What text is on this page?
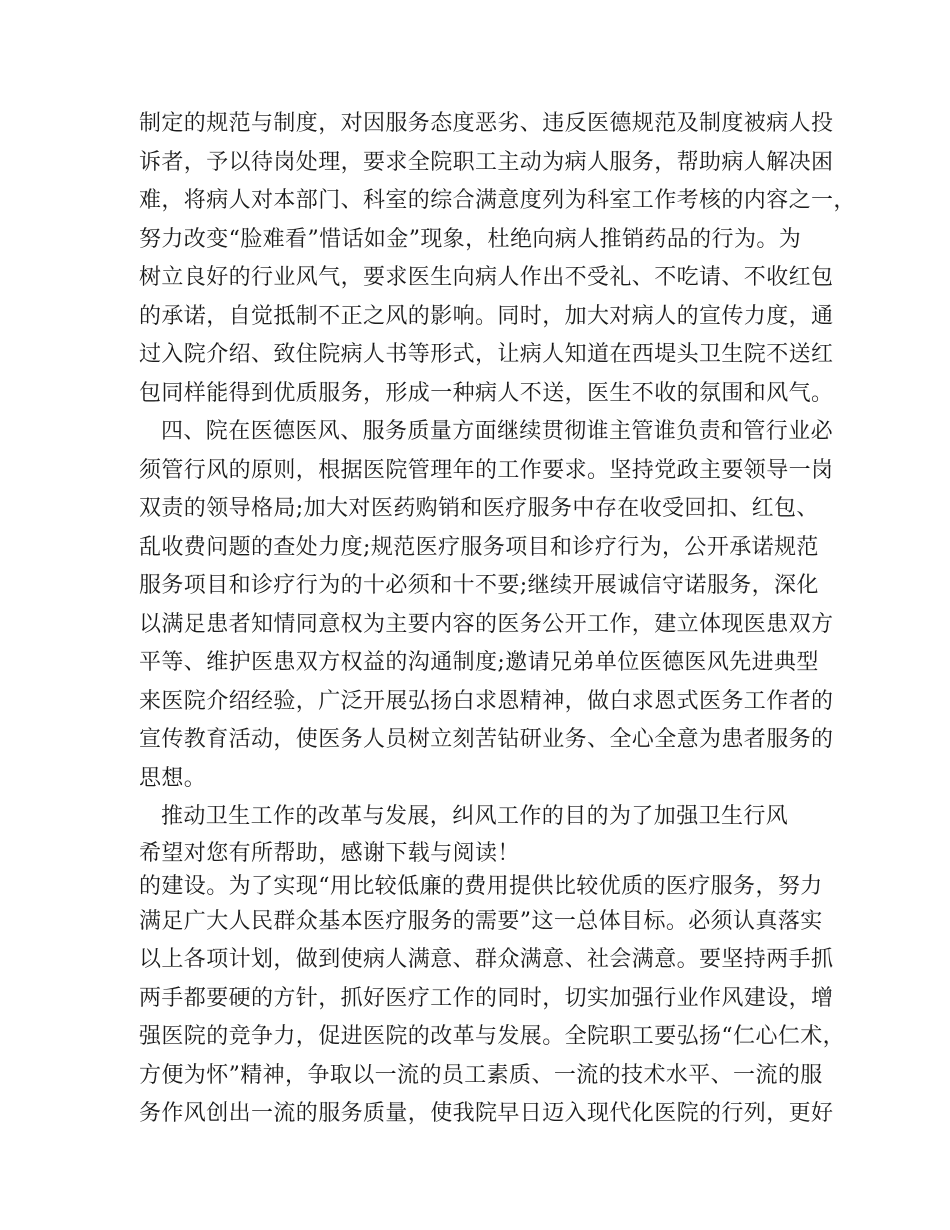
制定的规范与制度，对因服务态度恶劣、违反医德规范及制度被病人投
诉者，予以待岗处理，要求全院职工主动为病人服务，帮助病人解决困
难，将病人对本部门、科室的综合满意度列为科室工作考核的内容之一，
努力改变“脸难看”惜话如金”现象，杜绝向病人推销药品的行为。为
树立良好的行业风气，要求医生向病人作出不受礼、不吃请、不收红包
的承诺，自觉抵制不正之风的影响。同时，加大对病人的宣传力度，通
过入院介绍、致住院病人书等形式，让病人知道在西堤头卫生院不送红
包同样能得到优质服务，形成一种病人不送，医生不收的氛围和风气。
四、院在医德医风、服务质量方面继续贯彻谁主管谁负责和管行业必
须管行风的原则，根据医院管理年的工作要求。坚持党政主要领导一岗
双责的领导格局;加大对医药购销和医疗服务中存在收受回扣、红包、
乱收费问题的查处力度;规范医疗服务项目和诊疗行为，公开承诺规范
服务项目和诊疗行为的十必须和十不要;继续开展诚信守诺服务，深化
以满足患者知情同意权为主要内容的医务公开工作，建立体现医患双方
平等、维护医患双方权益的沟通制度;邀请兄弟单位医德医风先进典型
来医院介绍经验，广泛开展弘扬白求恩精神，做白求恩式医务工作者的
宣传教育活动，使医务人员树立刻苦钻研业务、全心全意为患者服务的
思想。
推动卫生工作的改革与发展，纠风工作的目的为了加强卫生行风
希望对您有所帮助，感谢下载与阅读！
的建设。为了实现“用比较低廉的费用提供比较优质的医疗服务，努力
满足广大人民群众基本医疗服务的需要”这一总体目标。必须认真落实
以上各项计划，做到使病人满意、群众满意、社会满意。要坚持两手抓
两手都要硬的方针，抓好医疗工作的同时，切实加强行业作风建设，增
强医院的竞争力，促进医院的改革与发展。全院职工要弘扬“仁心仁术，
方便为怀”精神，争取以一流的员工素质、一流的技术水平、一流的服
务作风创出一流的服务质量，使我院早日迈入现代化医院的行列，更好
